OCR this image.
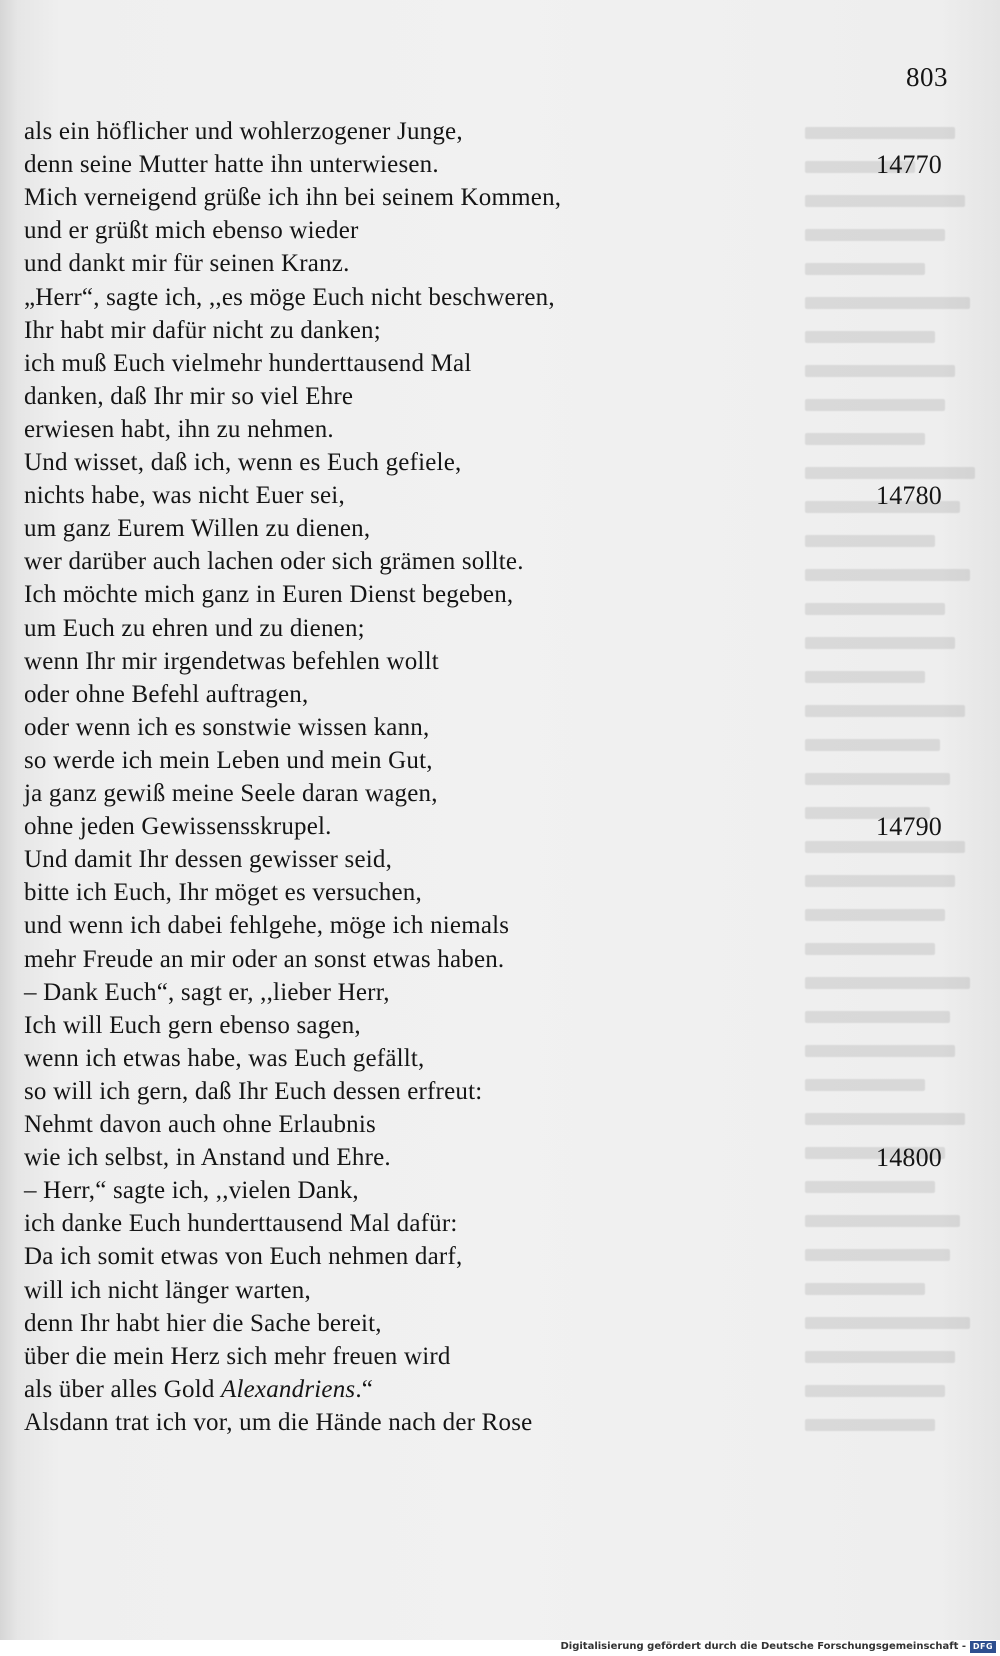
803
als ein höflicher und wohlerzogener Junge,
denn seine Mutter hatte ihn unterwiesen.	14770
Mich verneigend grüße ich ihn bei seinem Kommen,
und er grüßt mich ebenso wieder
und dankt mir für seinen Kranz.
„Herr“, sagte ich, ,,es möge Euch nicht beschweren,
Ihr habt mir dafür nicht zu danken;
ich muß Euch vielmehr hunderttausend Mal
danken, daß Ihr mir so viel Ehre
erwiesen habt, ihn zu nehmen.
Und wisset, daß ich, wenn es Euch gefiele,
nichts habe, was nicht Euer sei,	14780
um ganz Eurem Willen zu dienen,
wer darüber auch lachen oder sich grämen sollte.
Ich möchte mich ganz in Euren Dienst begeben,
um Euch zu ehren und zu dienen;
wenn Ihr mir irgendetwas befehlen wollt
oder ohne Befehl auftragen,
oder wenn ich es sonstwie wissen kann,
so werde ich mein Leben und mein Gut,
ja ganz gewiß meine Seele daran wagen,
ohne jeden Gewissensskrupel.	14790
Und damit Ihr dessen gewisser seid,
bitte ich Euch, Ihr möget es versuchen,
und wenn ich dabei fehlgehe, möge ich niemals
mehr Freude an mir oder an sonst etwas haben.
– Dank Euch“, sagt er, ,,lieber Herr,
Ich will Euch gern ebenso sagen,
wenn ich etwas habe, was Euch gefällt,
so will ich gern, daß Ihr Euch dessen erfreut:
Nehmt davon auch ohne Erlaubnis
wie ich selbst, in Anstand und Ehre.	14800
– Herr,“ sagte ich, ,,vielen Dank,
ich danke Euch hunderttausend Mal dafür:
Da ich somit etwas von Euch nehmen darf,
will ich nicht länger warten,
denn Ihr habt hier die Sache bereit,
über die mein Herz sich mehr freuen wird
als über alles Gold Alexandriens.“
Alsdann trat ich vor, um die Hände nach der Rose
Digitalisierung gefördert durch die Deutsche Forschungsgemeinschaft - DFG
